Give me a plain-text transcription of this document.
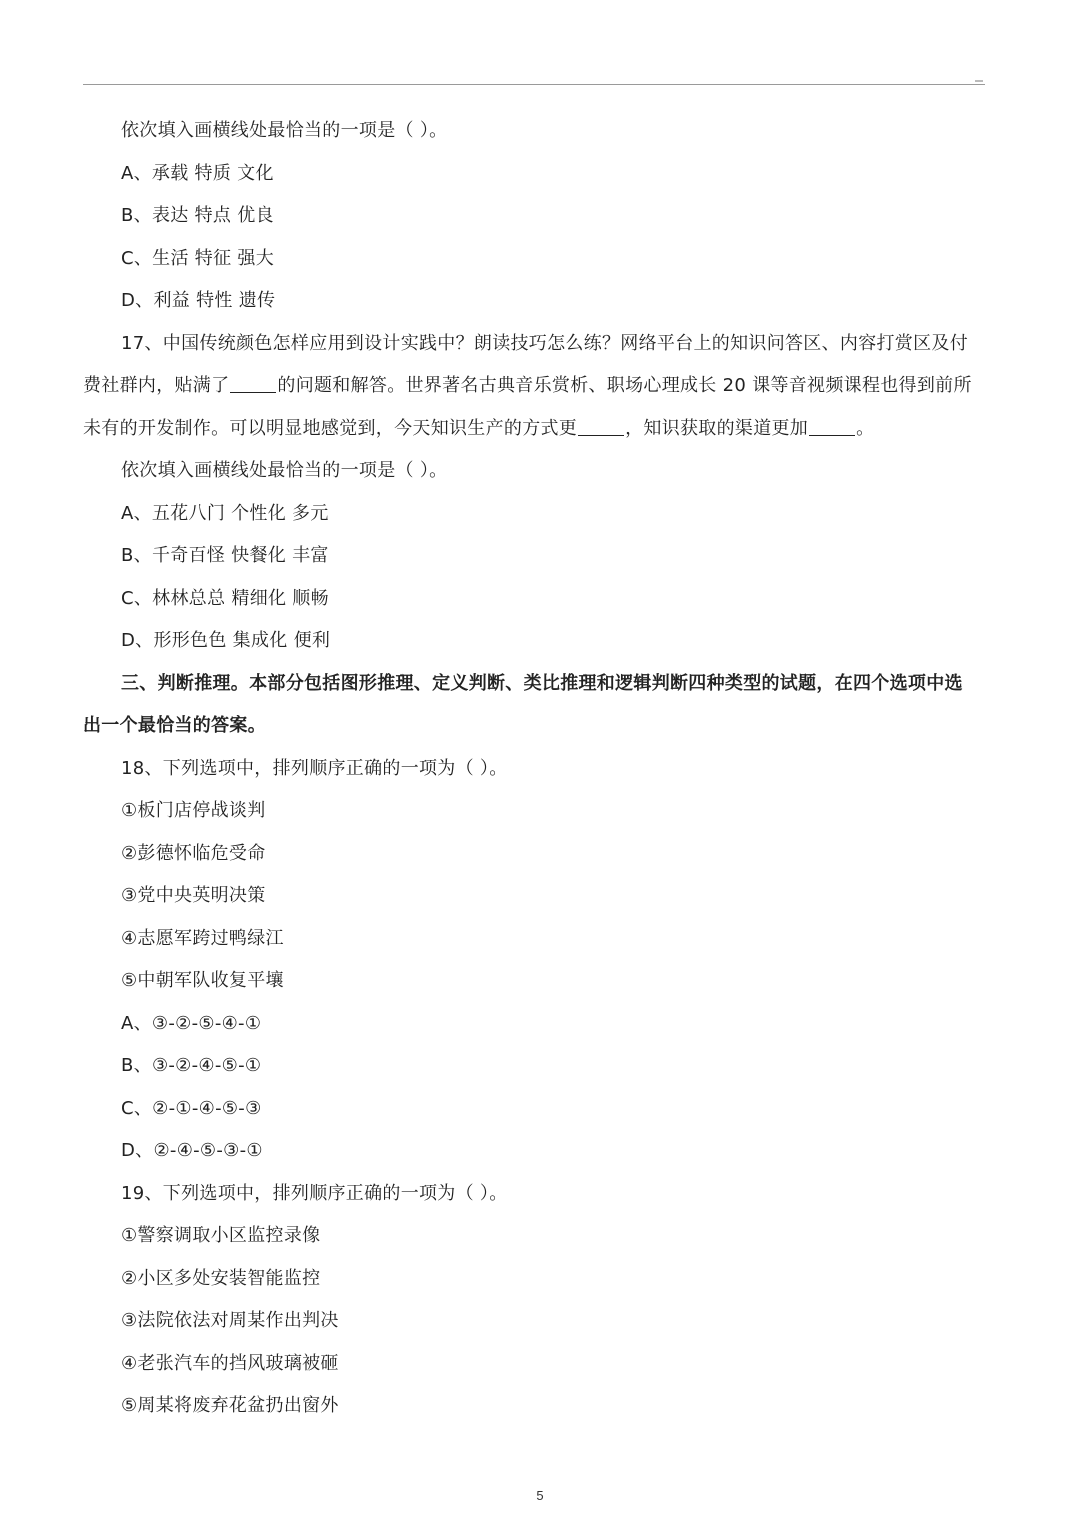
依次填入画横线处最恰当的一项是（ ）。
A、承载 特质 文化
B、表达 特点 优良
C、生活 特征 强大
D、利益 特性 遗传
17、中国传统颜色怎样应用到设计实践中？朗读技巧怎么练？网络平台上的知识问答区、内容打赏区及付
费社群内，贴满了	的问题和解答。世界著名古典音乐赏析、职场心理成长 20 课等音视频课程也得到前所
未有的开发制作。可以明显地感觉到，今天知识生产的方式更	，知识获取的渠道更加	。
依次填入画横线处最恰当的一项是（ ）。
A、五花八门 个性化 多元
B、千奇百怪 快餐化 丰富
C、林林总总 精细化 顺畅
D、形形色色 集成化 便利
三、判断推理。本部分包括图形推理、定义判断、类比推理和逻辑判断四种类型的试题，在四个选项中选
出一个最恰当的答案。
18、下列选项中，排列顺序正确的一项为（ ）。
①板门店停战谈判
②彭德怀临危受命
③党中央英明决策
④志愿军跨过鸭绿江
⑤中朝军队收复平壤
A、③-②-⑤-④-①
B、③-②-④-⑤-①
C、②-①-④-⑤-③
D、②-④-⑤-③-①
19、下列选项中，排列顺序正确的一项为（ ）。
①警察调取小区监控录像
②小区多处安装智能监控
③法院依法对周某作出判决
④老张汽车的挡风玻璃被砸
⑤周某将废弃花盆扔出窗外
5
